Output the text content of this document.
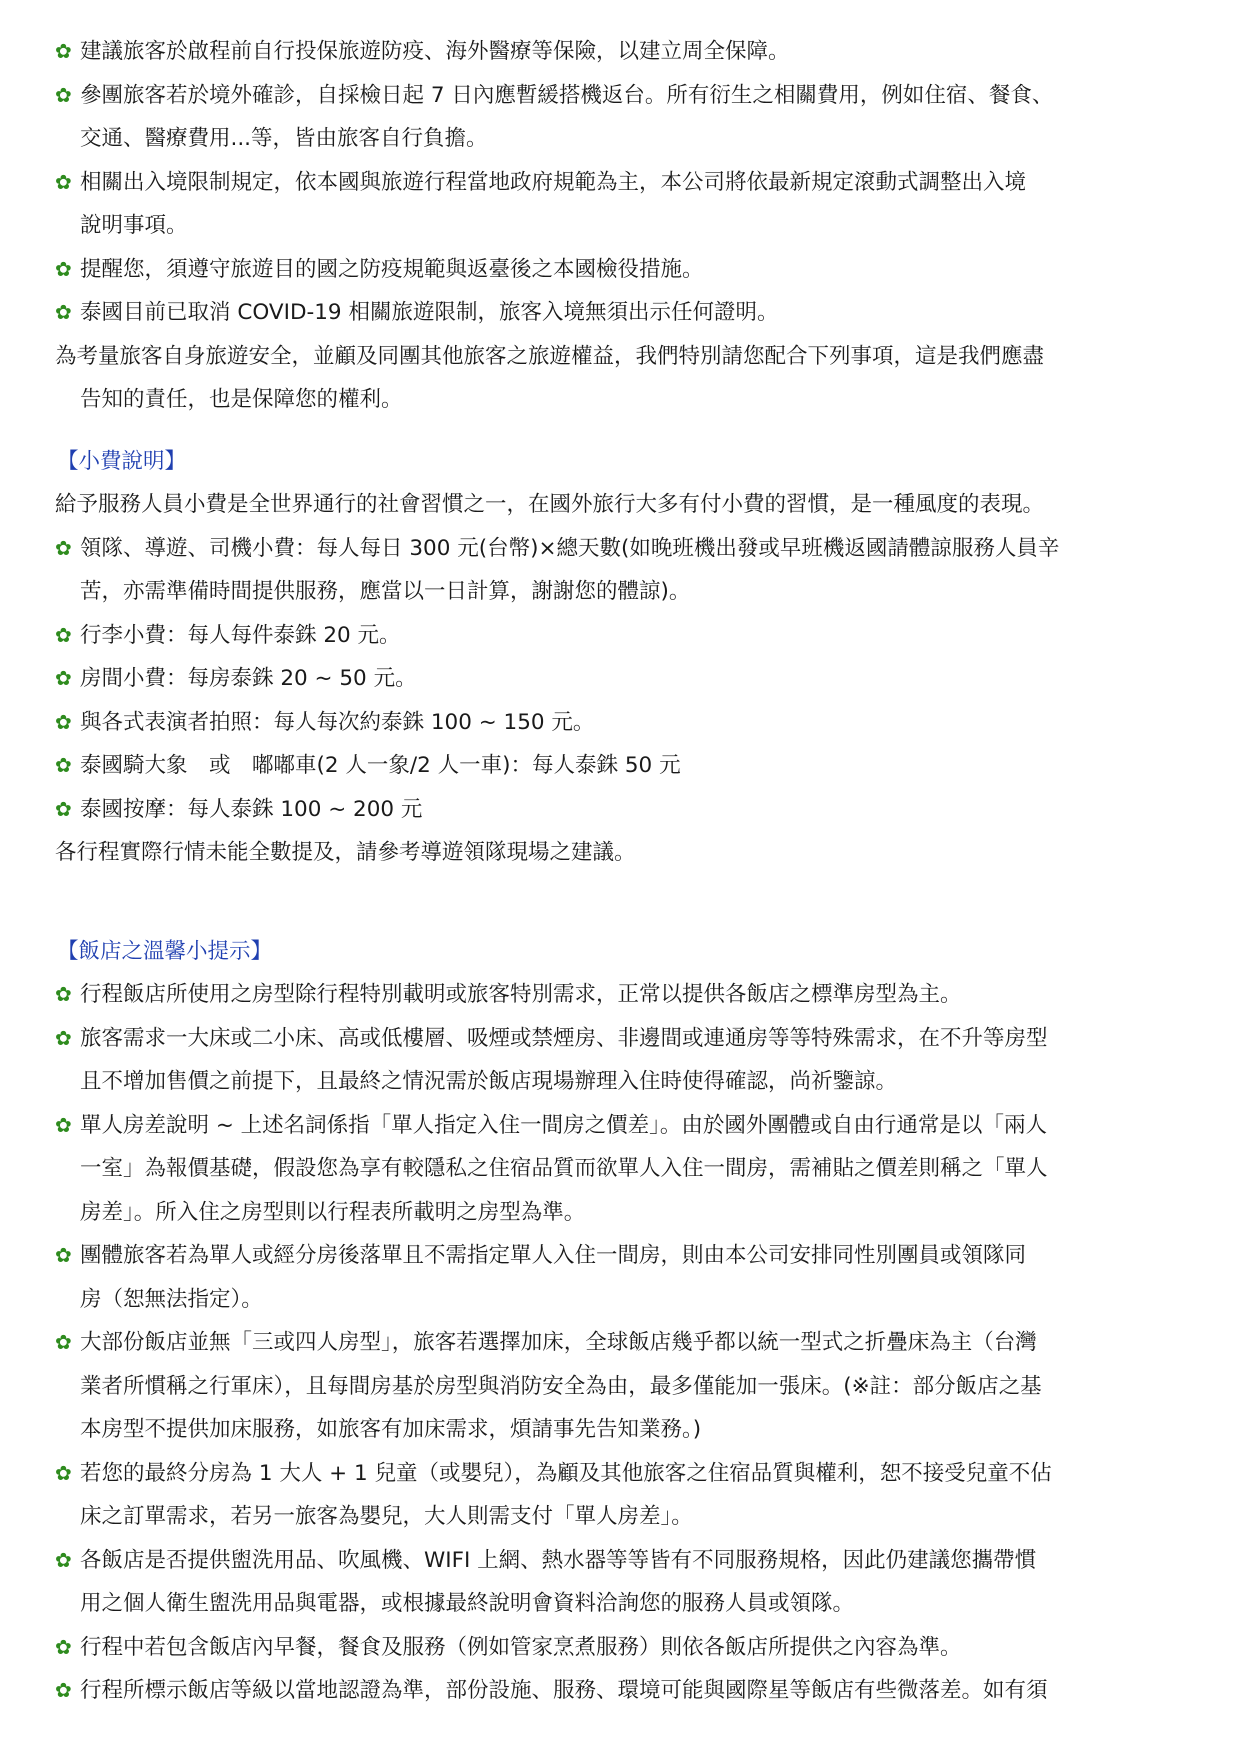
✿ 建議旅客於啟程前自行投保旅遊防疫、海外醫療等保險，以建立周全保障。
✿ 參團旅客若於境外確診，自採檢日起 7 日內應暫緩搭機返台。所有衍生之相關費用，例如住宿、餐食、
交通、醫療費用...等，皆由旅客自行負擔。
✿ 相關出入境限制規定，依本國與旅遊行程當地政府規範為主，本公司將依最新規定滾動式調整出入境
說明事項。
✿ 提醒您，須遵守旅遊目的國之防疫規範與返臺後之本國檢役措施。
✿ 泰國目前已取消 COVID-19 相關旅遊限制，旅客入境無須出示任何證明。
為考量旅客自身旅遊安全，並顧及同團其他旅客之旅遊權益，我們特別請您配合下列事項，這是我們應盡
告知的責任，也是保障您的權利。
【小費說明】
給予服務人員小費是全世界通行的社會習慣之一，在國外旅行大多有付小費的習慣，是一種風度的表現。
✿ 領隊、導遊、司機小費：每人每日 300 元(台幣)×總天數(如晚班機出發或早班機返國請體諒服務人員辛
苦，亦需準備時間提供服務，應當以一日計算，謝謝您的體諒)。
✿ 行李小費：每人每件泰銖 20 元。
✿ 房間小費：每房泰銖 20 ~ 50 元。
✿ 與各式表演者拍照：每人每次約泰銖 100 ~ 150 元。
✿ 泰國騎大象　或　嘟嘟車(2 人一象/2 人一車)：每人泰銖 50 元
✿ 泰國按摩：每人泰銖 100 ~ 200 元
各行程實際行情未能全數提及，請參考導遊領隊現場之建議。
【飯店之溫馨小提示】
✿ 行程飯店所使用之房型除行程特別載明或旅客特別需求，正常以提供各飯店之標準房型為主。
✿ 旅客需求一大床或二小床、高或低樓層、吸煙或禁煙房、非邊間或連通房等等特殊需求，在不升等房型
且不增加售價之前提下，且最終之情況需於飯店現場辦理入住時使得確認，尚祈鑒諒。
✿ 單人房差說明 ~ 上述名詞係指「單人指定入住一間房之價差」。由於國外團體或自由行通常是以「兩人
一室」為報價基礎，假設您為享有較隱私之住宿品質而欲單人入住一間房，需補貼之價差則稱之「單人
房差」。所入住之房型則以行程表所載明之房型為準。
✿ 團體旅客若為單人或經分房後落單且不需指定單人入住一間房，則由本公司安排同性別團員或領隊同
房（恕無法指定）。
✿ 大部份飯店並無「三或四人房型」，旅客若選擇加床，全球飯店幾乎都以統一型式之折疊床為主（台灣
業者所慣稱之行軍床），且每間房基於房型與消防安全為由，最多僅能加一張床。(※註：部分飯店之基
本房型不提供加床服務，如旅客有加床需求，煩請事先告知業務。)
✿ 若您的最終分房為 1 大人 + 1 兒童（或嬰兒），為顧及其他旅客之住宿品質與權利，恕不接受兒童不佔
床之訂單需求，若另一旅客為嬰兒，大人則需支付「單人房差」。
✿ 各飯店是否提供盥洗用品、吹風機、WIFI 上網、熱水器等等皆有不同服務規格，因此仍建議您攜帶慣
用之個人衛生盥洗用品與電器，或根據最終說明會資料洽詢您的服務人員或領隊。
✿ 行程中若包含飯店內早餐，餐食及服務（例如管家烹煮服務）則依各飯店所提供之內容為準。
✿ 行程所標示飯店等級以當地認證為準，部份設施、服務、環境可能與國際星等飯店有些微落差。如有須
